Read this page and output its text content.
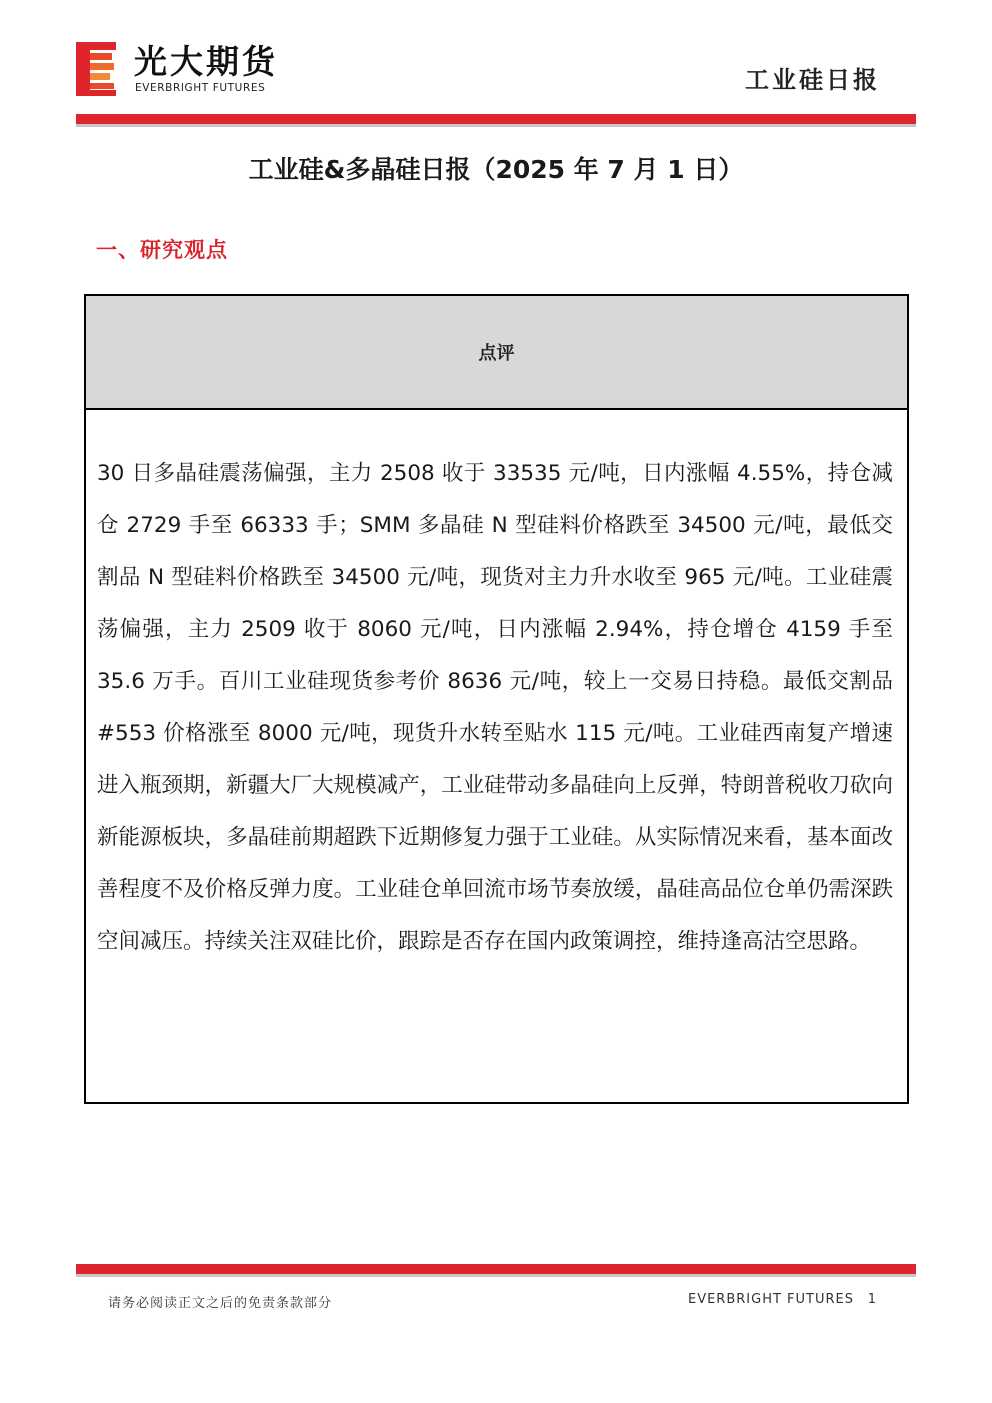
光大期货
EVERBRIGHT FUTURES	工业硅日报
工业硅&多晶硅日报（2025 年 7 月 1 日）
一、研究观点
点评
30 日多晶硅震荡偏强，主力 2508 收于 33535 元/吨，日内涨幅 4.55%，持仓减仓 2729 手至 66333 手；SMM 多晶硅 N 型硅料价格跌至 34500 元/吨，最低交割品 N 型硅料价格跌至 34500 元/吨，现货对主力升水收至 965 元/吨。工业硅震荡偏强，主力 2509 收于 8060 元/吨，日内涨幅 2.94%，持仓增仓 4159 手至 35.6 万手。百川工业硅现货参考价 8636 元/吨，较上一交易日持稳。最低交割品#553 价格涨至 8000 元/吨，现货升水转至贴水 115 元/吨。工业硅西南复产增速进入瓶颈期，新疆大厂大规模减产，工业硅带动多晶硅向上反弹，特朗普税收刀砍向新能源板块，多晶硅前期超跌下近期修复力强于工业硅。从实际情况来看，基本面改善程度不及价格反弹力度。工业硅仓单回流市场节奏放缓，晶硅高品位仓单仍需深跌空间减压。持续关注双硅比价，跟踪是否存在国内政策调控，维持逢高沽空思路。
请务必阅读正文之后的免责条款部分	EVERBRIGHT FUTURES 1
